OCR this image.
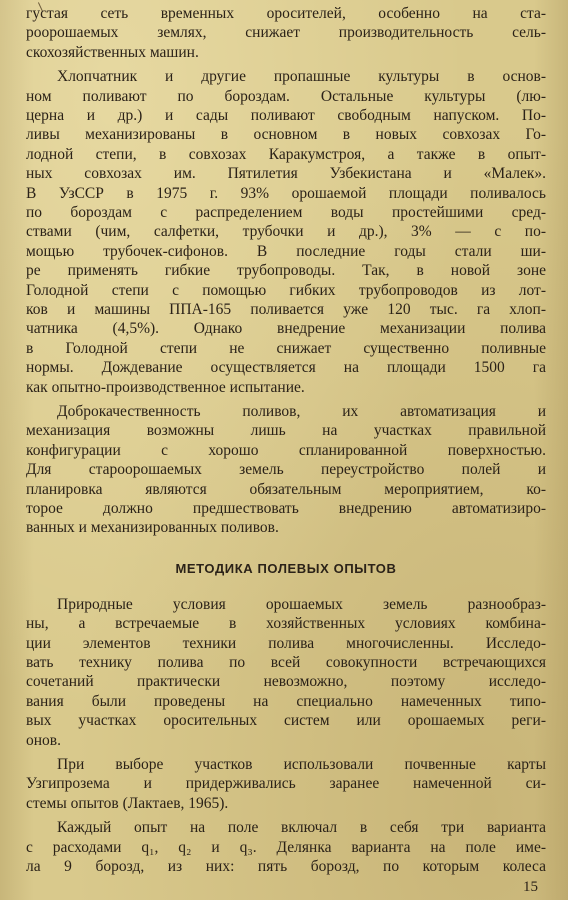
густая сеть временных оросителей, особенно на ста-
роорошаемых землях, снижает производительность сель-
скохозяйственных машин.
Хлопчатник и другие пропашные культуры в основ-
ном поливают по бороздам. Остальные культуры (лю-
церна и др.) и сады поливают свободным напуском. По-
ливы механизированы в основном в новых совхозах Го-
лодной степи, в совхозах Каракумстроя, а также в опыт-
ных совхозах им. Пятилетия Узбекистана и «Малек».
В УзССР в 1975 г. 93% орошаемой площади поливалось
по бороздам с распределением воды простейшими сред-
ствами (чим, салфетки, трубочки и др.), 3% — с по-
мощью трубочек-сифонов. В последние годы стали ши-
ре применять гибкие трубопроводы. Так, в новой зоне
Голодной степи с помощью гибких трубопроводов из лот-
ков и машины ППА-165 поливается уже 120 тыс. га хлоп-
чатника (4,5%). Однако внедрение механизации полива
в Голодной степи не снижает существенно поливные
нормы. Дождевание осуществляется на площади 1500 га
как опытно-производственное испытание.
Доброкачественность поливов, их автоматизация и
механизация возможны лишь на участках правильной
конфигурации с хорошо спланированной поверхностью.
Для староорошаемых земель переустройство полей и
планировка являются обязательным мероприятием, ко-
торое должно предшествовать внедрению автоматизиро-
ванных и механизированных поливов.
МЕТОДИКА ПОЛЕВЫХ ОПЫТОВ
Природные условия орошаемых земель разнообраз-
ны, а встречаемые в хозяйственных условиях комбина-
ции элементов техники полива многочисленны. Исследо-
вать технику полива по всей совокупности встречающихся
сочетаний практически невозможно, поэтому исследо-
вания были проведены на специально намеченных типо-
вых участках оросительных систем или орошаемых реги-
онов.
При выборе участков использовали почвенные карты
Узгипрозема и придерживались заранее намеченной си-
стемы опытов (Лактаев, 1965).
Каждый опыт на поле включал в себя три варианта
с расходами q₁, q₂ и q₃. Делянка варианта на поле име-
ла 9 борозд, из них: пять борозд, по которым колеса
15
